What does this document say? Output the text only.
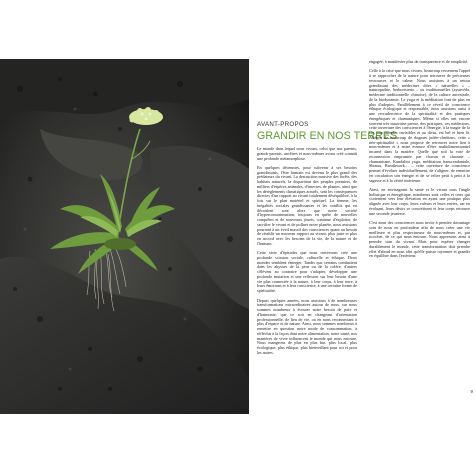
AVANT-PROPOS
GRANDIR EN NOS TERRES

Le monde dans lequel nous vivons, celui que nos parents, grands-parents, ancêtres et nous-mêmes avons créé connaît une profonde métamorphose.

En quelques décennies, pour subvenir à ses besoins grandissants, l'être humain est devenu le plus grand des prédateurs du vivant. La destruction massive des forêts, des habitats naturels, la disparition des peuples premiers, de milliers d'espèces animales, d'insectes, de plantes, ainsi que les dérèglements climatiques actuels, sont les conséquences directes d'un rapport au vivant totalement déséquilibré, à la fois sur le plan matériel et spirituel. La femme, les inégalités sociales grandissantes et les conflits qui en découlent sont alors que notre société d'hyperconsommation, toujours en quête de nouvelles conquêtes et de nouveaux jouets, continue d'exploiter, de sacrifier le vivant et de polluer notre planète, nous assistons pourtant à un éveil massif des consciences quant au besoin de rétablir un nouveau rapport au vivant, plus juste et plus en accord avec les besoins de la vie, de la nature et de l'humain.

Cette série d'épisodes que nous traversons crée une profonde scission sociale, culturelle et éthique. Deux mondes semblent émerger. Tandis que certains combattent dans les abysses de la peur ou de la colère, d'autres s'élèvent au contraire pour s'adapter, développer une profonde mutation et une reflexion sur leur besoin d'une vie plus connectée à la nature, à leur corps, à leur terre, à leurs émotions et à leur conscience, à une certaine forme de spiritualité.

Depuis quelques années, nous assistons à de nombreuses transformations extraordinaires autour de nous, sur nous sommes nombreux à écouter notre besoin de paix et d'harmonie, que ce soit en changeant d'orientation professionnelle, de lieu de vie, ou en nous reconnectant à plus d'espace et de nature. Ainsi, nous sommes nombreux à remettre en question notre mode de consommation, à réfléchir à la façon dont notre alimentation, notre santé, nos manières de vivre influencent le monde qui nous entoure. Nous mangeons de plus en plus bio, plus local, plus écologique, plus éthique, plus bienveillant pour soi et pour les autres.

engagée, à manifester plus de transparence et de simplicité.

Celle à la crise que nous vivons, beaucoup ressentent l'appel à se rapprocher de la nature pour retrouver de précieuses ressources et le calme. Nous assistons à un retour grandissant des médecines dites « naturelles » – naturopathie, herboristerie – ou traditionnelles (ayurvéda, médecine traditionnelle chinoise), de la culture ancestrale, de la biodynamie. Le yoga et la méditation font de plus en plus d'adeptes. Parallèlement à ce réveil de conscience éthique écologique et responsable, nous assistons aussi à une recrudescence de la spiritualité et des pratiques énergétiques et chamaniques. Même si elles ont encore souvent très mauvaise presse, des pratiques, ces médecines, cette ouverture des consciences à l'énergie, à la magie de la vie, aux mondes invisibles et au divin, est bel et bien là. Allégée de beaucoup de dogmes judéo-chrétiens, cette « néo-spiritualité » nous propose de retrouver notre lien à nous-mêmes et à notre essence d'être multidimensionnel incarné dans la matière. Quelle que soit la voie de reconnexion empruntée par chacun et chacune – chamanisme, Kundalini yoga, méditation transcendantale, Shiatsu, Breathwork… – cette ouverture de conscience permet d'évoluer individuellement, de s'aligner, de remettre en circulation son énergie et de se relier petit à petit à la sagesse et à la vérité intérieure.

Ainsi, en envisageant la santé et le vivant sous l'angle holistique et énergétique, nombreux sont celles et ceux qui s'orientent vers leur élévation en ayant une pratique plus alignée avec leur corps, leurs valeurs et leurs envies, car en évoluant, leurs désirs se concrétisent et leur corps retrouve une seconde jeunesse.

C'est ainsi des consciences nous invite à prendre davantage soin de nous en profondeur afin de nous créer une vie meilleure et plus respectueuse de nous-mêmes et, par ricochet, de ce qui nous entoure. Nous apprenons ainsi à prendre soin du vivant. Mais pour espérer changer durablement le monde, cette transformation doit prendre effet d'abord en nous afin qu'elle puisse rayonner et grandir en équilibre dans l'extérieur.

9
